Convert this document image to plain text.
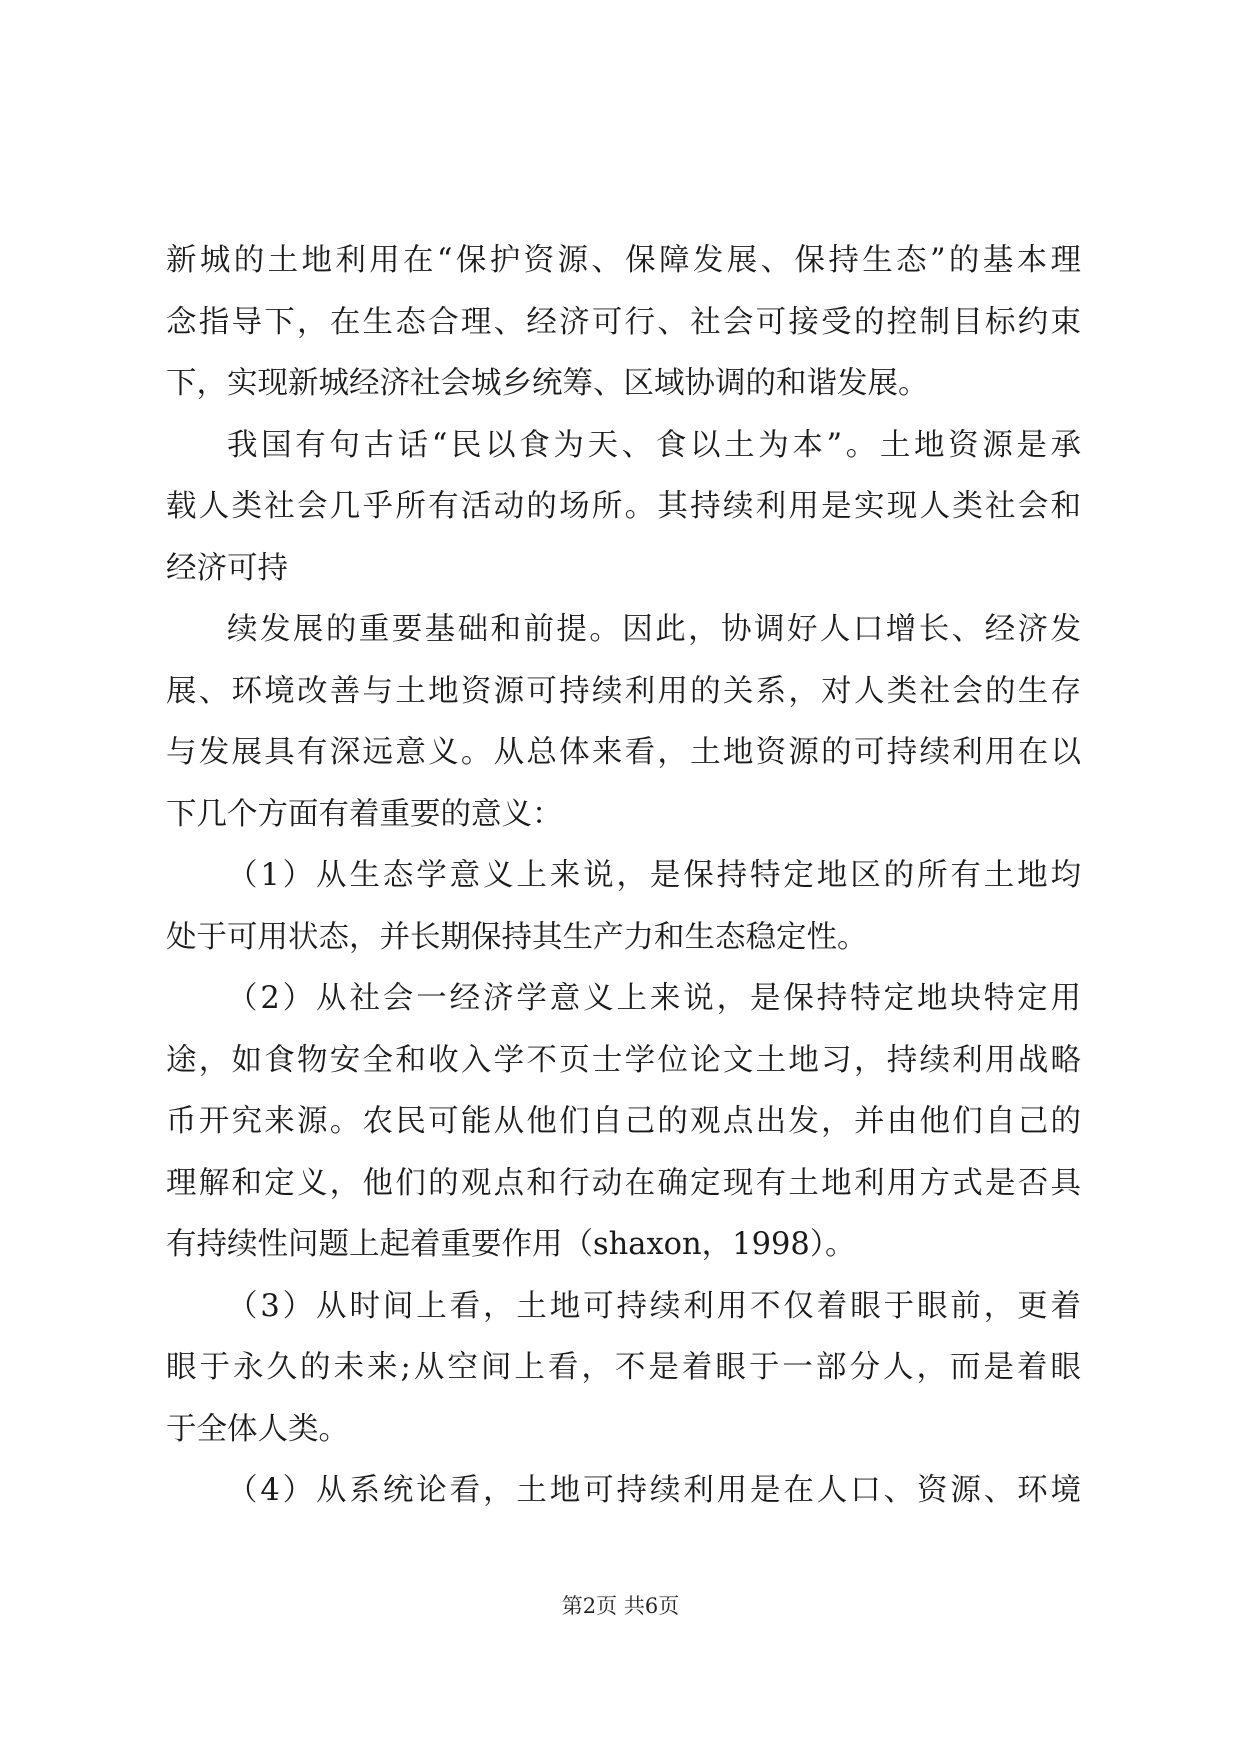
新城的土地利用在“保护资源、保障发展、保持生态”的基本理
念指导下，在生态合理、经济可行、社会可接受的控制目标约束
下，实现新城经济社会城乡统筹、区域协调的和谐发展。
我国有句古话“民以食为天、食以土为本”。土地资源是承
载人类社会几乎所有活动的场所。其持续利用是实现人类社会和
经济可持
续发展的重要基础和前提。因此，协调好人口增长、经济发
展、环境改善与土地资源可持续利用的关系，对人类社会的生存
与发展具有深远意义。从总体来看，土地资源的可持续利用在以
下几个方面有着重要的意义：
（1）从生态学意义上来说，是保持特定地区的所有土地均
处于可用状态，并长期保持其生产力和生态稳定性。
（2）从社会一经济学意义上来说，是保持特定地块特定用
途，如食物安全和收入学不页士学位论文土地习，持续利用战略
币开究来源。农民可能从他们自己的观点出发，并由他们自己的
理解和定义，他们的观点和行动在确定现有土地利用方式是否具
有持续性问题上起着重要作用（shaxon，1998）。
（3）从时间上看，土地可持续利用不仅着眼于眼前，更着
眼于永久的未来;从空间上看，不是着眼于一部分人，而是着眼
于全体人类。
（4）从系统论看，土地可持续利用是在人口、资源、环境
第2页 共6页
